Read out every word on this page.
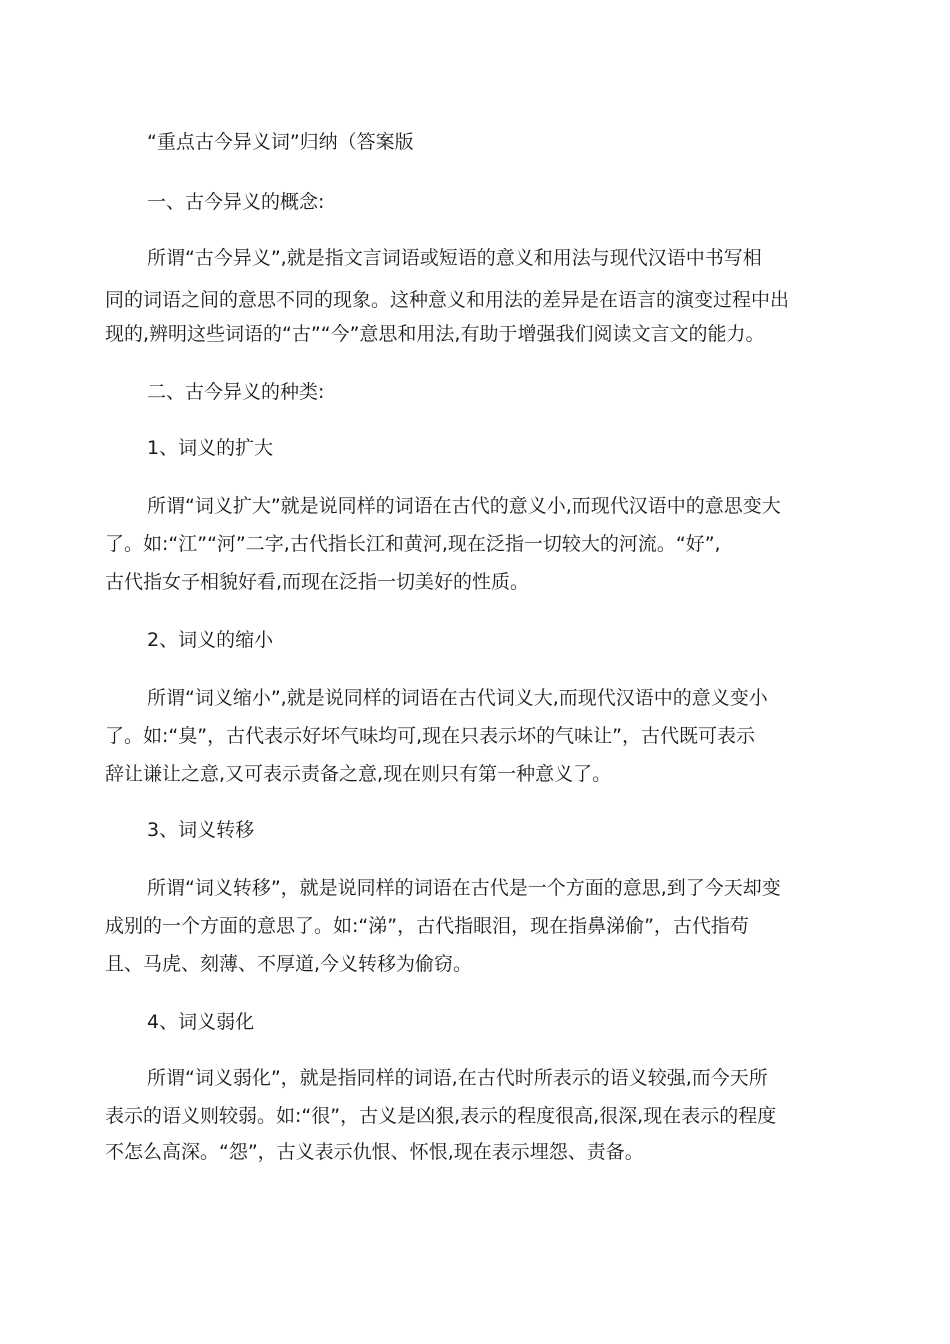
“重点古今异义词”归纳（答案版
一、古今异义的概念:
所谓“古今异义”,就是指文言词语或短语的意义和用法与现代汉语中书写相
同的词语之间的意思不同的现象。这种意义和用法的差异是在语言的演变过程中出
现的,辨明这些词语的“古”“今”意思和用法,有助于增强我们阅读文言文的能力。
二、古今异义的种类:
1、词义的扩大
所谓“词义扩大”就是说同样的词语在古代的意义小,而现代汉语中的意思变大
了。如:“江”“河”二字,古代指长江和黄河,现在泛指一切较大的河流。“好”,
古代指女子相貌好看,而现在泛指一切美好的性质。
2、词义的缩小
所谓“词义缩小”,就是说同样的词语在古代词义大,而现代汉语中的意义变小
了。如:“臭”，古代表示好坏气味均可,现在只表示坏的气味让”，古代既可表示
辞让谦让之意,又可表示责备之意,现在则只有第一种意义了。
3、词义转移
所谓“词义转移”，就是说同样的词语在古代是一个方面的意思,到了今天却变
成别的一个方面的意思了。如:“涕”，古代指眼泪，现在指鼻涕偷”，古代指苟
且、马虎、刻薄、不厚道,今义转移为偷窃。
4、词义弱化
所谓“词义弱化”，就是指同样的词语,在古代时所表示的语义较强,而今天所
表示的语义则较弱。如:“很”，古义是凶狠,表示的程度很高,很深,现在表示的程度
不怎么高深。“怨”，古义表示仇恨、怀恨,现在表示埋怨、责备。
